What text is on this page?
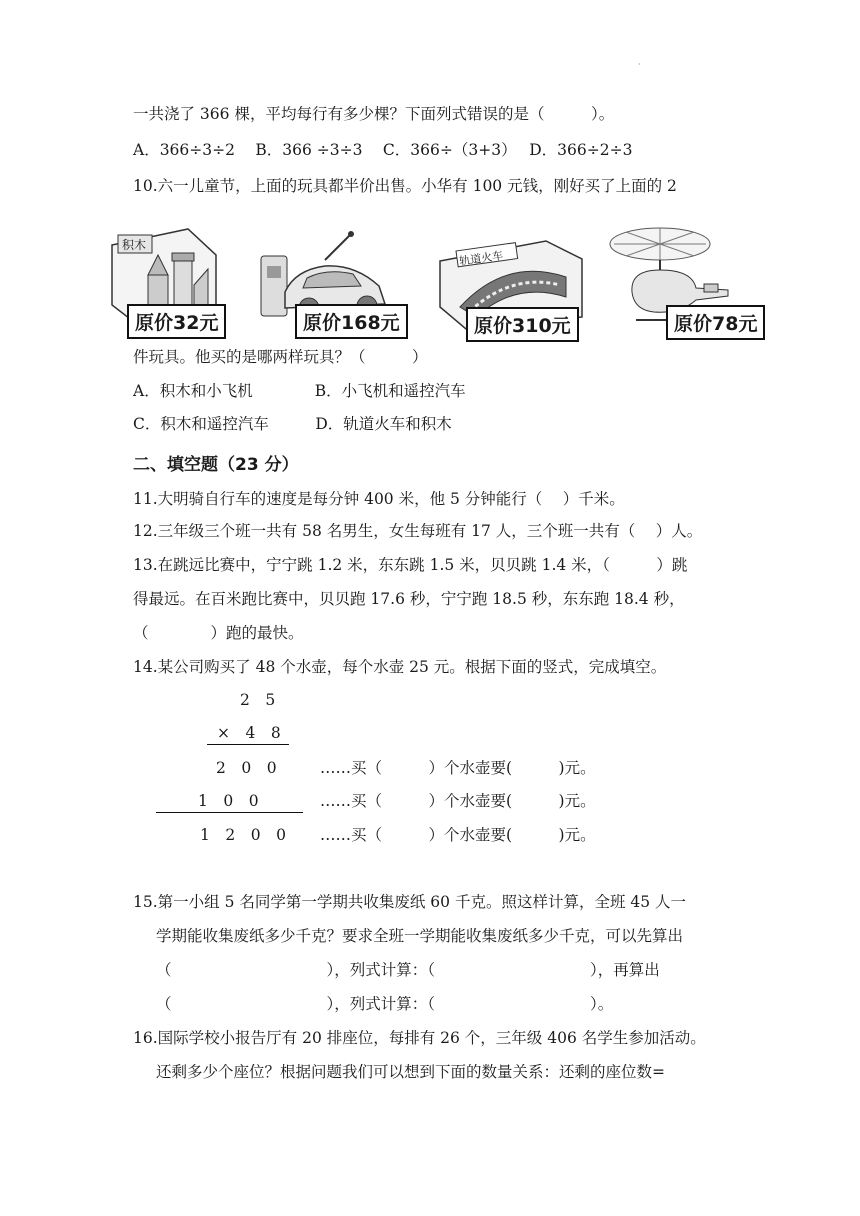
·
一共浇了 366 棵，平均每行有多少棵？下面列式错误的是（　　　）。
A．366÷3÷2　 B．366 ÷3÷3　 C．366÷（3+3）　 D．366÷2÷3
10.六一儿童节，上面的玩具都半价出售。小华有 100 元钱，刚好买了上面的 2
积木
原价32元	原价168元
轨道火车
原价310元	原价78元
件玩具。他买的是哪两样玩具？（　　　）
A．积木和小飞机　　　　B．小飞机和遥控汽车
C．积木和遥控汽车　　　D．轨道火车和积木
二、填空题（23 分）
11.大明骑自行车的速度是每分钟 400 米，他 5 分钟能行（　 ）千米。
12.三年级三个班一共有 58 名男生，女生每班有 17 人，三个班一共有（　 ）人。
13.在跳远比赛中，宁宁跳 1.2 米，东东跳 1.5 米，贝贝跳 1.4 米，（　　　）跳
得最远。在百米跑比赛中，贝贝跑 17.6 秒，宁宁跑 18.5 秒，东东跑 18.4 秒，
（　　　　）跑的最快。
14.某公司购买了 48 个水壶，每个水壶 25 元。根据下面的竖式，完成填空。
2　5
×　4　8
2　0　0	……买（　　　）个水壶要(　　　)元。
1　0　0	……买（　　　）个水壶要(　　　)元。
1　2　0　0 ……买（　　　）个水壶要(　　　)元。
15.第一小组 5 名同学第一学期共收集废纸 60 千克。照这样计算，全班 45 人一
学期能收集废纸多少千克？要求全班一学期能收集废纸多少千克，可以先算出
（　　　　　　　　　　），列式计算：（　　　　　　　　　　），再算出
（　　　　　　　　　　），列式计算：（　　　　　　　　　　）。
16.国际学校小报告厅有 20 排座位，每排有 26 个，三年级 406 名学生参加活动。
还剩多少个座位？根据问题我们可以想到下面的数量关系：还剩的座位数=
